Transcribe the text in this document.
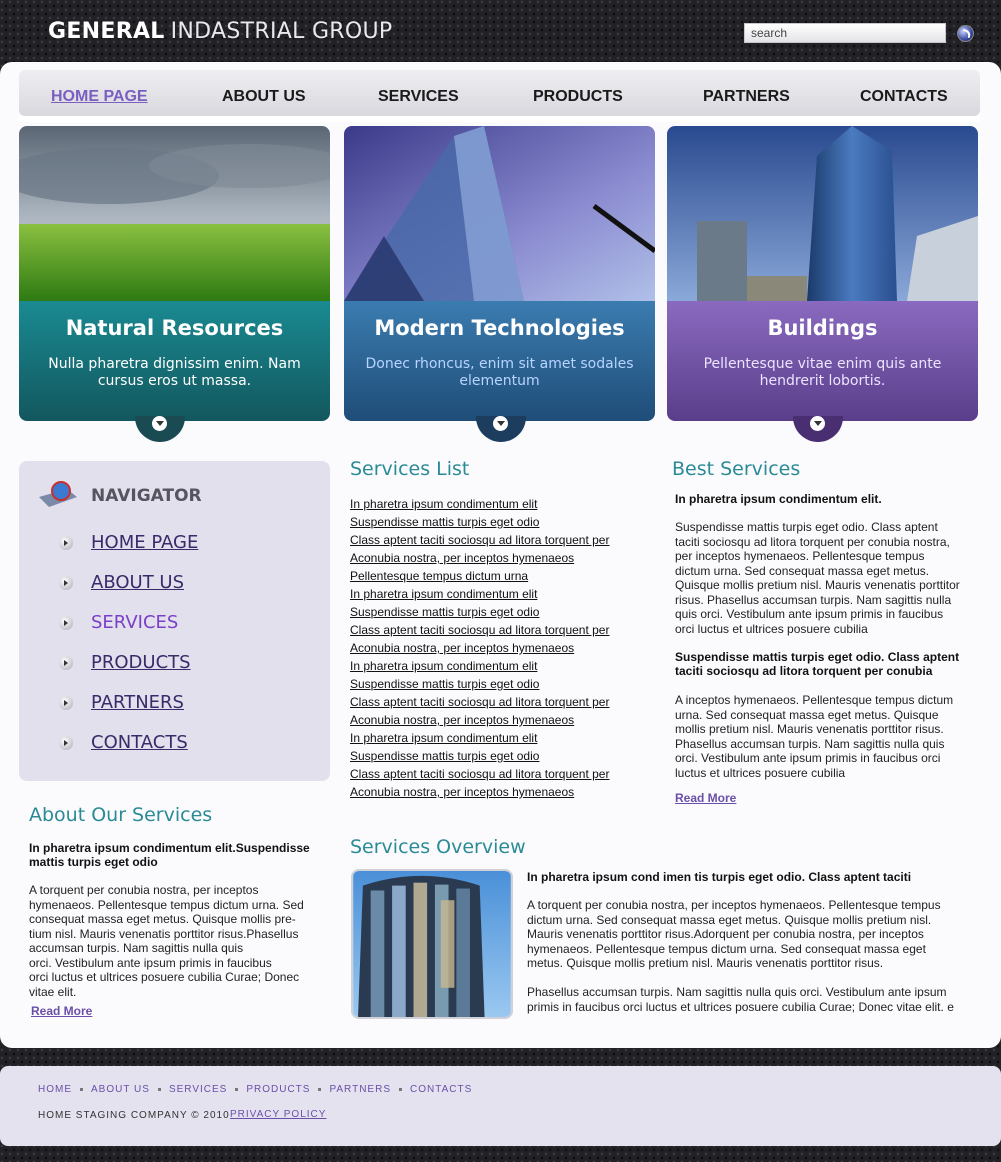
GENERAL INDASTRIAL GROUP	search
HOME PAGE	ABOUT US	SERVICES	PRODUCTS	PARTNERS	CONTACTS
Natural Resources

Nulla pharetra dignissim enim. Nam cursus eros ut massa.

Modern Technologies

Donec rhoncus, enim sit amet sodales elementum

Buildings

Pellentesque vitae enim quis ante hendrerit lobortis.

NAVIGATOR
HOME PAGE
ABOUT US
SERVICES
PRODUCTS
PARTNERS
CONTACTS
About Our Services
In pharetra ipsum condimentum elit.Suspendisse mattis turpis eget odio
A torquent per conubia nostra, per inceptos
hymenaeos. Pellentesque tempus dictum urna. Sed
consequat massa eget metus. Quisque mollis pre-
tium nisl. Mauris venenatis porttitor risus.Phasellus
accumsan turpis. Nam sagittis nulla quis
orci. Vestibulum ante ipsum primis in faucibus
orci luctus et ultrices posuere cubilia Curae; Donec
vitae elit.
Read More
Services List
In pharetra ipsum condimentum elit
Suspendisse mattis turpis eget odio
Class aptent taciti sociosqu ad litora torquent per
Aconubia nostra, per inceptos hymenaeos
Pellentesque tempus dictum urna
In pharetra ipsum condimentum elit
Suspendisse mattis turpis eget odio
Class aptent taciti sociosqu ad litora torquent per
Aconubia nostra, per inceptos hymenaeos
In pharetra ipsum condimentum elit
Suspendisse mattis turpis eget odio
Class aptent taciti sociosqu ad litora torquent per
Aconubia nostra, per inceptos hymenaeos
In pharetra ipsum condimentum elit
Suspendisse mattis turpis eget odio
Class aptent taciti sociosqu ad litora torquent per
Aconubia nostra, per inceptos hymenaeos
Best Services
In pharetra ipsum condimentum elit.
Suspendisse mattis turpis eget odio. Class aptent
taciti sociosqu ad litora torquent per conubia nostra,
per inceptos hymenaeos. Pellentesque tempus
dictum urna. Sed consequat massa eget metus.
Quisque mollis pretium nisl. Mauris venenatis porttitor
risus. Phasellus accumsan turpis. Nam sagittis nulla
quis orci. Vestibulum ante ipsum primis in faucibus
orci luctus et ultrices posuere cubilia
Suspendisse mattis turpis eget odio. Class aptent taciti sociosqu ad litora torquent per conubia
A inceptos hymenaeos. Pellentesque tempus dictum
urna. Sed consequat massa eget metus. Quisque
mollis pretium nisl. Mauris venenatis porttitor risus.
Phasellus accumsan turpis. Nam sagittis nulla quis
orci. Vestibulum ante ipsum primis in faucibus orci
luctus et ultrices posuere cubilia
Read More
Services Overview
In pharetra ipsum cond imen tis turpis eget odio. Class aptent taciti
A torquent per conubia nostra, per inceptos hymenaeos. Pellentesque tempus
dictum urna. Sed consequat massa eget metus. Quisque mollis pretium nisl.
Mauris venenatis porttitor risus.Adorquent per conubia nostra, per inceptos
hymenaeos. Pellentesque tempus dictum urna. Sed consequat massa eget
metus. Quisque mollis pretium nisl. Mauris venenatis porttitor risus.
Phasellus accumsan turpis. Nam sagittis nulla quis orci. Vestibulum ante ipsum
primis in faucibus orci luctus et ultrices posuere cubilia Curae; Donec vitae elit. e
HOME ABOUT US SERVICES PRODUCTS PARTNERS CONTACTS
HOME STAGING COMPANY © 2010 PRIVACY POLICY
